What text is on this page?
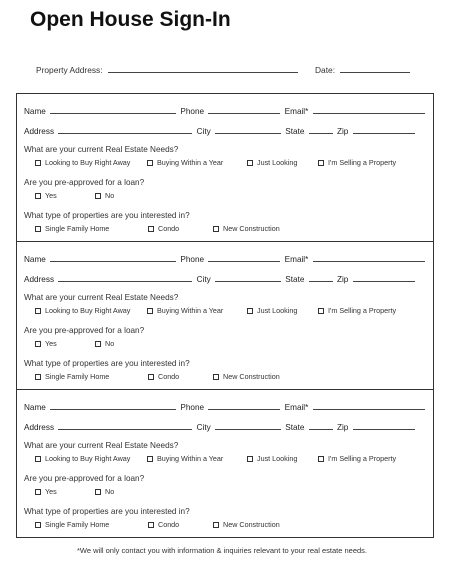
Open House Sign-In
Property Address:	Date:
Name	Phone	Email*
Address	City	State	Zip
What are your current Real Estate Needs?
Looking to Buy Right Away	Buying Within a Year	Just Looking	I'm Selling a Property
Are you pre-approved for a loan?
Yes	No
What type of properties are you interested in?
Single Family Home	Condo	New Construction
Name	Phone	Email*
Address	City	State	Zip
What are your current Real Estate Needs?
Looking to Buy Right Away	Buying Within a Year	Just Looking	I'm Selling a Property
Are you pre-approved for a loan?
Yes	No
What type of properties are you interested in?
Single Family Home	Condo	New Construction
Name	Phone	Email*
Address	City	State	Zip
What are your current Real Estate Needs?
Looking to Buy Right Away	Buying Within a Year	Just Looking	I'm Selling a Property
Are you pre-approved for a loan?
Yes	No
What type of properties are you interested in?
Single Family Home	Condo	New Construction
*We will only contact you with information & inquiries relevant to your real estate needs.
